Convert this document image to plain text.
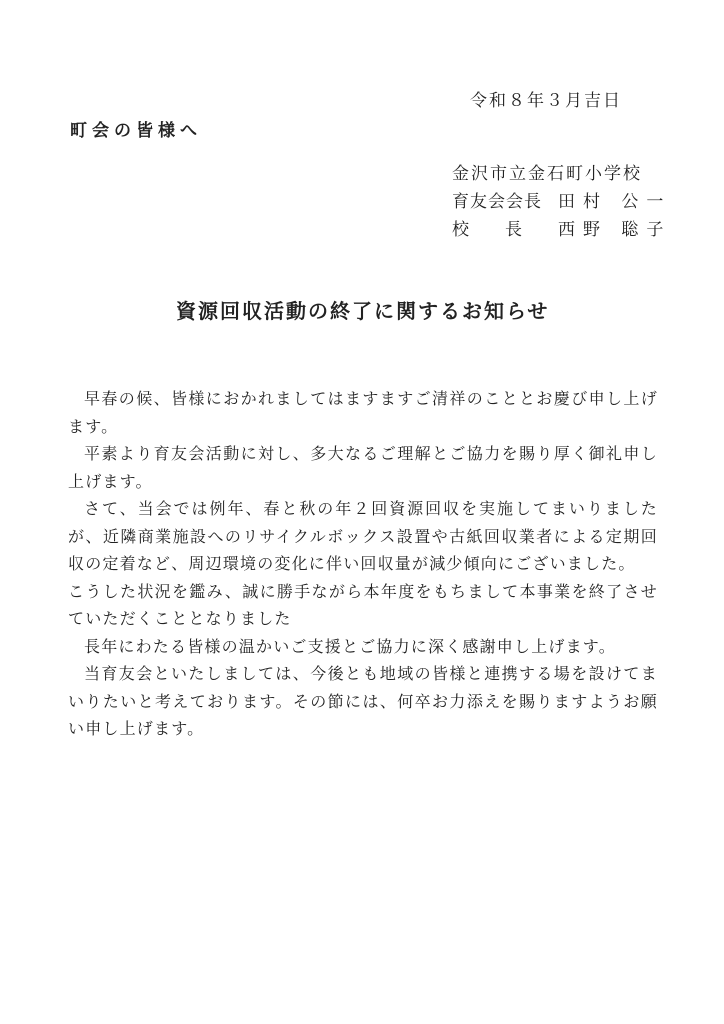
令和８年３月吉日
町会の皆様へ
金沢市立金石町小学校
育友会会長 田村 公一
校長西野 聡子
資源回収活動の終了に関するお知らせ

早春の候、皆様におかれましてはますますご清祥のこととお慶び申し上げます。

平素より育友会活動に対し、多大なるご理解とご協力を賜り厚く御礼申し上げます。

さて、当会では例年、春と秋の年２回資源回収を実施してまいりましたが、近隣商業施設へのリサイクルボックス設置や古紙回収業者による定期回収の定着など、周辺環境の変化に伴い回収量が減少傾向にございました。

こうした状況を鑑み、誠に勝手ながら本年度をもちまして本事業を終了させていただくこととなりました

長年にわたる皆様の温かいご支援とご協力に深く感謝申し上げます。

当育友会といたしましては、今後とも地域の皆様と連携する場を設けてまいりたいと考えております。その節には、何卒お力添えを賜りますようお願い申し上げます。
